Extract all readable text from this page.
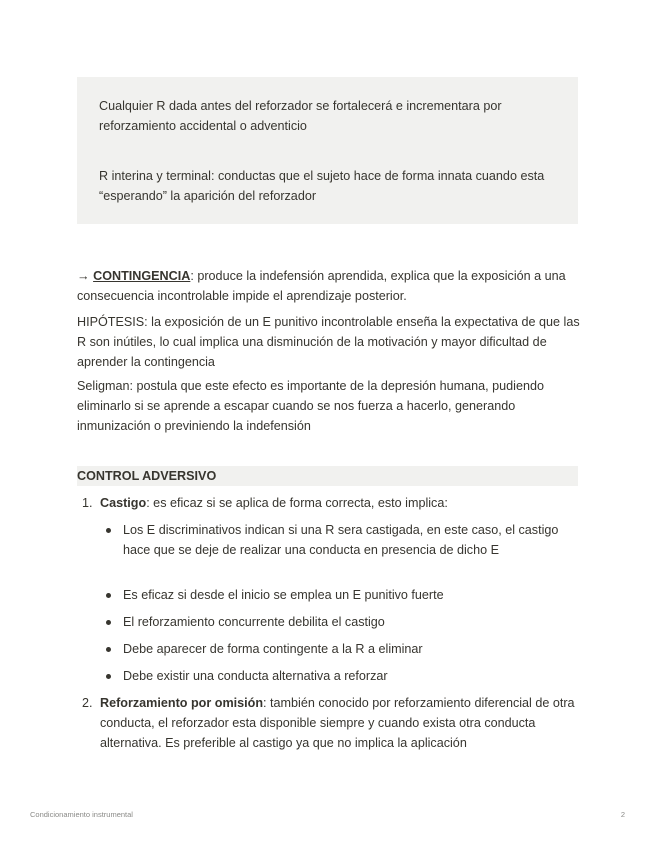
Cualquier R dada antes del reforzador se fortalecerá e incrementara por reforzamiento accidental o adventicio

R interina y terminal: conductas que el sujeto hace de forma innata cuando esta “esperando” la aparición del reforzador

→ CONTINGENCIA: produce la indefensión aprendida, explica que la exposición a una consecuencia incontrolable impide el aprendizaje posterior.

HIPÓTESIS: la exposición de un E punitivo incontrolable enseña la expectativa de que las R son inútiles, lo cual implica una disminución de la motivación y mayor dificultad de aprender la contingencia

Seligman: postula que este efecto es importante de la depresión humana, pudiendo eliminarlo si se aprende a escapar cuando se nos fuerza a hacerlo, generando inmunización o previniendo la indefensión

CONTROL ADVERSIVO
1. Castigo: es eficaz si se aplica de forma correcta, esto implica:
Los E discriminativos indican si una R sera castigada, en este caso, el castigo hace que se deje de realizar una conducta en presencia de dicho E
Es eficaz si desde el inicio se emplea un E punitivo fuerte
El reforzamiento concurrente debilita el castigo
Debe aparecer de forma contingente a la R a eliminar
Debe existir una conducta alternativa a reforzar
2. Reforzamiento por omisión: también conocido por reforzamiento diferencial de otra conducta, el reforzador esta disponible siempre y cuando exista otra conducta alternativa. Es preferible al castigo ya que no implica la aplicación
Condicionamiento instrumental	2
